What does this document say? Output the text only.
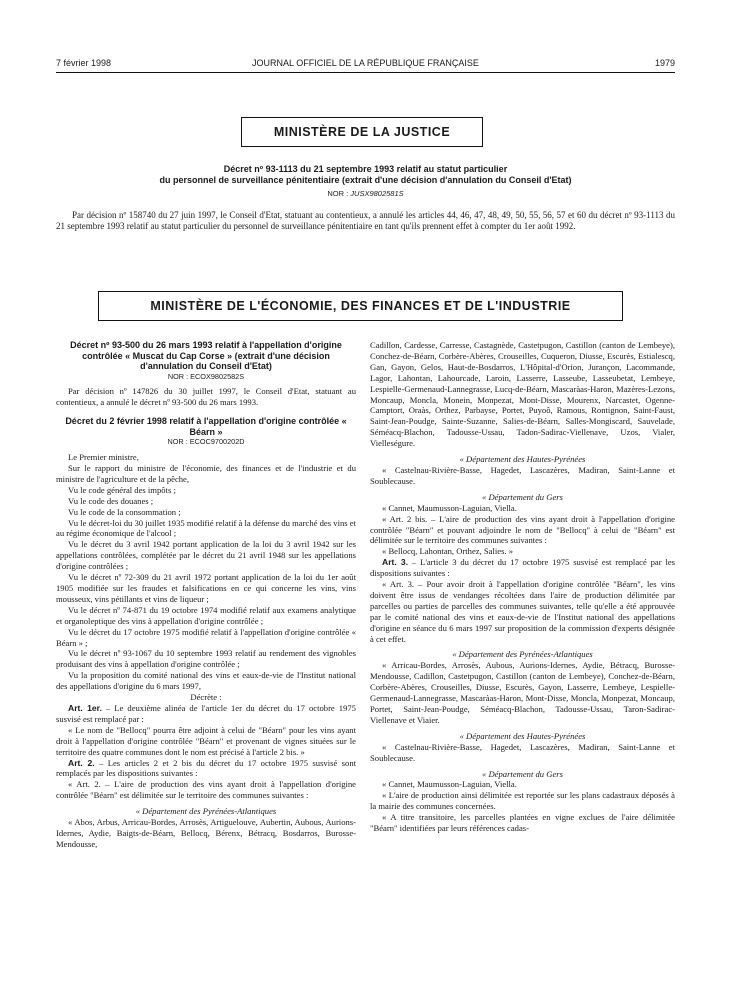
7 février 1998	JOURNAL OFFICIEL DE LA RÉPUBLIQUE FRANÇAISE	1979
MINISTÈRE DE LA JUSTICE
Décret nº 93-1113 du 21 septembre 1993 relatif au statut particulier
du personnel de surveillance pénitentiaire (extrait d'une décision d'annulation du Conseil d'Etat)
NOR : JUSX9802581S

Par décision nº 158740 du 27 juin 1997, le Conseil d'Etat, statuant au contentieux, a annulé les articles 44, 46, 47, 48, 49, 50, 55, 56, 57 et 60 du décret nº 93-1113 du 21 septembre 1993 relatif au statut particulier du personnel de surveillance pénitentiaire en tant qu'ils prennent effet à compter du 1er août 1992.

MINISTÈRE DE L'ÉCONOMIE, DES FINANCES ET DE L'INDUSTRIE

Décret nº 93-500 du 26 mars 1993 relatif à l'appellation d'origine contrôlée « Muscat du Cap Corse » (extrait d'une décision d'annulation du Conseil d'Etat)

NOR : ECOX9802582S

Par décision nº 147826 du 30 juillet 1997, le Conseil d'Etat, statuant au contentieux, a annulé le décret nº 93-500 du 26 mars 1993.

Décret du 2 février 1998 relatif à l'appellation d'origine contrôlée « Béarn »

NOR : ECOC9700202D

Le Premier ministre,

Sur le rapport du ministre de l'économie, des finances et de l'industrie et du ministre de l'agriculture et de la pêche,

Vu le code général des impôts ;

Vu le code des douanes ;

Vu le code de la consommation ;

Vu le décret-loi du 30 juillet 1935 modifié relatif à la défense du marché des vins et au régime économique de l'alcool ;

Vu le décret du 3 avril 1942 portant application de la loi du 3 avril 1942 sur les appellations contrôlées, complétée par le décret du 21 avril 1948 sur les appellations d'origine contrôlées ;

Vu le décret nº 72-309 du 21 avril 1972 portant application de la loi du 1er août 1905 modifiée sur les fraudes et falsifications en ce qui concerne les vins, vins mousseux, vins pétillants et vins de liqueur ;

Vu le décret nº 74-871 du 19 octobre 1974 modifié relatif aux examens analytique et organoleptique des vins à appellation d'origine contrôlée ;

Vu le décret du 17 octobre 1975 modifié relatif à l'appellation d'origine contrôlée « Béarn » ;

Vu le décret nº 93-1067 du 10 septembre 1993 relatif au rendement des vignobles produisant des vins à appellation d'origine contrôlée ;

Vu la proposition du comité national des vins et eaux-de-vie de l'Institut national des appellations d'origine du 6 mars 1997,

Décrète :

Art. 1er. – Le deuxième alinéa de l'article 1er du décret du 17 octobre 1975 susvisé est remplacé par :

« Le nom de "Bellocq" pourra être adjoint à celui de "Béarn" pour les vins ayant droit à l'appellation d'origine contrôlée "Béarn" et provenant de vignes situées sur le territoire des quatre communes dont le nom est précisé à l'article 2 bis. »

Art. 2. – Les articles 2 et 2 bis du décret du 17 octobre 1975 susvisé sont remplacés par les dispositions suivantes :

« Art. 2. – L'aire de production des vins ayant droit à l'appellation d'origine contrôlée "Béarn" est délimitée sur le territoire des communes suivantes :

« Département des Pyrénées-Atlantiques

« Abos, Arbus, Arricau-Bordes, Arrosès, Artiguelouve, Aubertin, Aubous, Aurions-Idernes, Aydie, Baigts-de-Béarn, Bellocq, Bérenx, Bétracq, Bosdarros, Burosse-Mendousse,

Cadillon, Cardesse, Carresse, Castagnède, Castetpugon, Castillon (canton de Lembeye), Conchez-de-Béarn, Corbère-Abères, Crouseilles, Cuqueron, Diusse, Escurès, Estialescq, Gan, Gayon, Gelos, Haut-de-Bosdarros, L'Hôpital-d'Orion, Jurançon, Lacommande, Lagor, Lahontan, Lahourcade, Laroin, Lasserre, Lasseube, Lasseubetat, Lembeye, Lespielle-Germenaud-Lannegrasse, Lucq-de-Béarn, Mascaràas-Haron, Mazères-Lezons, Moncaup, Moncla, Monein, Monpezat, Mont-Disse, Mourenx, Narcastet, Ogenne-Camptort, Oraàs, Orthez, Parbayse, Portet, Puyoô, Ramous, Rontignon, Saint-Faust, Saint-Jean-Poudge, Sainte-Suzanne, Salies-de-Béarn, Salles-Mongiscard, Sauvelade, Séméacq-Blachon, Tadousse-Ussau, Tadon-Sadirac-Viellenave, Uzos, Vialer, Vielleségure.

« Département des Hautes-Pyrénées

« Castelnau-Rivière-Basse, Hagedet, Lascazères, Madiran, Saint-Lanne et Soublecause.

« Département du Gers

« Cannet, Maumusson-Laguian, Viella.

« Art. 2 bis. – L'aire de production des vins ayant droit à l'appellation d'origine contrôlée "Béarn" et pouvant adjoindre le nom de "Bellocq" à celui de "Béarn" est délimitée sur le territoire des communes suivantes :

« Bellocq, Lahontan, Orthez, Salies. »

Art. 3. – L'article 3 du décret du 17 octobre 1975 susvisé est remplacé par les dispositions suivantes :

« Art. 3. – Pour avoir droit à l'appellation d'origine contrôlée "Béarn", les vins doivent être issus de vendanges récoltées dans l'aire de production délimitée par parcelles ou parties de parcelles des communes suivantes, telle qu'elle a été approuvée par le comité national des vins et eaux-de-vie de l'Institut national des appellations d'origine en séance du 6 mars 1997 sur proposition de la commission d'experts désignée à cet effet.

« Département des Pyrénées-Atlantiques

« Arricau-Bordes, Arrosès, Aubous, Aurions-Idernes, Aydie, Bétracq, Burosse-Mendousse, Cadillon, Castetpugon, Castillon (canton de Lembeye), Conchez-de-Béarn, Corbère-Abères, Crouseilles, Diusse, Escurès, Gayon, Lasserre, Lembeye, Lespielle-Germenaud-Lannegrasse, Mascaràas-Haron, Mont-Disse, Moncla, Monpezat, Moncaup, Portet, Saint-Jean-Poudge, Séméacq-Blachon, Tadousse-Ussau, Taron-Sadirac-Viellenave et Viaier.

« Département des Hautes-Pyrénées

« Castelnau-Rivière-Basse, Hagedet, Lascazères, Madiran, Saint-Lanne et Soublecause.

« Département du Gers

« Cannet, Maumusson-Laguian, Viella.

« L'aire de production ainsi délimitée est reportée sur les plans cadastraux déposés à la mairie des communes concernées.

« A titre transitoire, les parcelles plantées en vigne exclues de l'aire délimitée "Béarn" identifiées par leurs références cadas-
